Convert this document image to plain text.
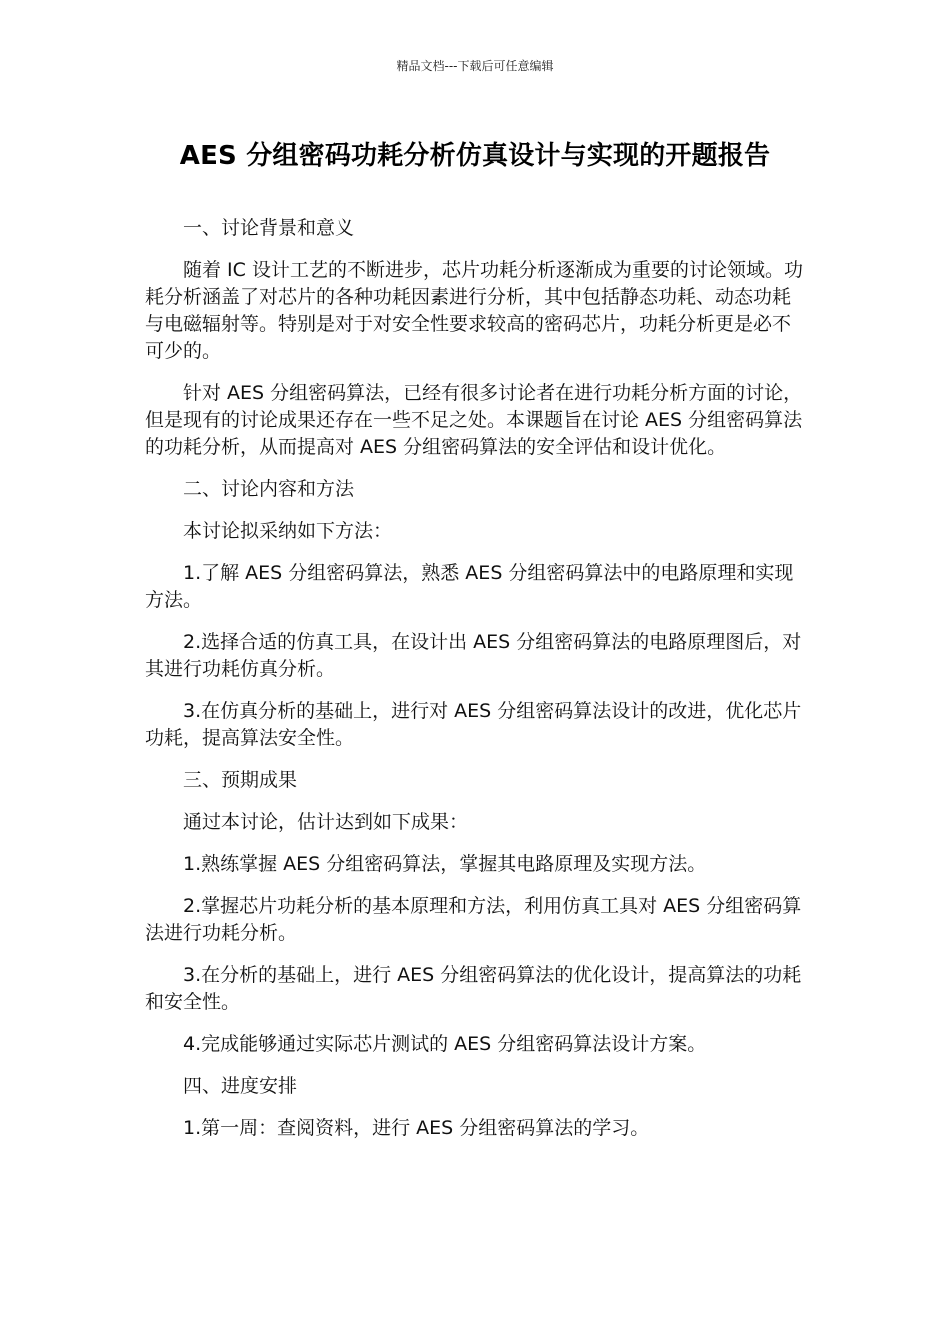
精品文档---下载后可任意编辑
AES 分组密码功耗分析仿真设计与实现的开题报告

一、讨论背景和意义

随着 IC 设计工艺的不断进步，芯片功耗分析逐渐成为重要的讨论领域。功耗分析涵盖了对芯片的各种功耗因素进行分析，其中包括静态功耗、动态功耗与电磁辐射等。特别是对于对安全性要求较高的密码芯片，功耗分析更是必不可少的。

针对 AES 分组密码算法，已经有很多讨论者在进行功耗分析方面的讨论，但是现有的讨论成果还存在一些不足之处。本课题旨在讨论 AES 分组密码算法的功耗分析，从而提高对 AES 分组密码算法的安全评估和设计优化。

二、讨论内容和方法

本讨论拟采纳如下方法：

1.了解 AES 分组密码算法，熟悉 AES 分组密码算法中的电路原理和实现方法。

2.选择合适的仿真工具，在设计出 AES 分组密码算法的电路原理图后，对其进行功耗仿真分析。

3.在仿真分析的基础上，进行对 AES 分组密码算法设计的改进，优化芯片功耗，提高算法安全性。

三、预期成果

通过本讨论，估计达到如下成果：

1.熟练掌握 AES 分组密码算法，掌握其电路原理及实现方法。

2.掌握芯片功耗分析的基本原理和方法，利用仿真工具对 AES 分组密码算法进行功耗分析。

3.在分析的基础上，进行 AES 分组密码算法的优化设计，提高算法的功耗和安全性。

4.完成能够通过实际芯片测试的 AES 分组密码算法设计方案。

四、进度安排

1.第一周：查阅资料，进行 AES 分组密码算法的学习。
